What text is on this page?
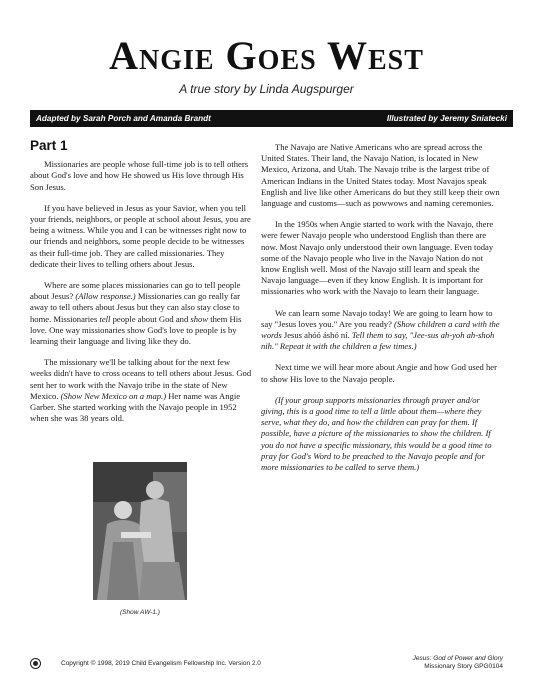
Angie Goes West
A true story by Linda Augspurger
Adapted by Sarah Porch and Amanda Brandt	Illustrated by Jeremy Sniatecki
Part 1

Missionaries are people whose full-time job is to tell others about God's love and how He showed us His love through His Son Jesus.

If you have believed in Jesus as your Savior, when you tell your friends, neighbors, or people at school about Jesus, you are being a witness. While you and I can be witnesses right now to our friends and neighbors, some people decide to be witnesses as their full-time job. They are called missionaries. They dedicate their lives to telling others about Jesus.

Where are some places missionaries can go to tell people about Jesus? (Allow response.) Missionaries can go really far away to tell others about Jesus but they can also stay close to home. Missionaries tell people about God and show them His love. One way missionaries show God's love to people is by learning their language and living like they do.

The missionary we'll be talking about for the next few weeks didn't have to cross oceans to tell others about Jesus. God sent her to work with the Navajo tribe in the state of New Mexico. (Show New Mexico on a map.) Her name was Angie Garber. She started working with the Navajo people in 1952 when she was 38 years old.

(Show AW-1.)

The Navajo are Native Americans who are spread across the United States. Their land, the Navajo Nation, is located in New Mexico, Arizona, and Utah. The Navajo tribe is the largest tribe of American Indians in the United States today. Most Navajos speak English and live like other Americans do but they still keep their own language and customs—such as powwows and naming ceremonies.

In the 1950s when Angie started to work with the Navajo, there were fewer Navajo people who understood English than there are now. Most Navajo only understood their own language. Even today some of the Navajo people who live in the Navajo Nation do not know English well. Most of the Navajo still learn and speak the Navajo language—even if they know English. It is important for missionaries who work with the Navajo to learn their language.

We can learn some Navajo today! We are going to learn how to say "Jesus loves you." Are you ready? (Show children a card with the words Jesus ahóó áshó ní. Tell them to say, "Jee-sus ah-yoh ah-shoh nih." Repeat it with the children a few times.)

Next time we will hear more about Angie and how God used her to show His love to the Navajo people.

(If your group supports missionaries through prayer and/or giving, this is a good time to tell a little about them—where they serve, what they do, and how the children can pray for them. If possible, have a picture of the missionaries to show the children. If you do not have a specific missionary, this would be a good time to pray for God's Word to be preached to the Navajo people and for more missionaries to be called to serve them.)

Copyright © 1998, 2019 Child Evangelism Fellowship Inc. Version 2.0
Jesus: God of Power and Glory
Missionary Story GPG0104
